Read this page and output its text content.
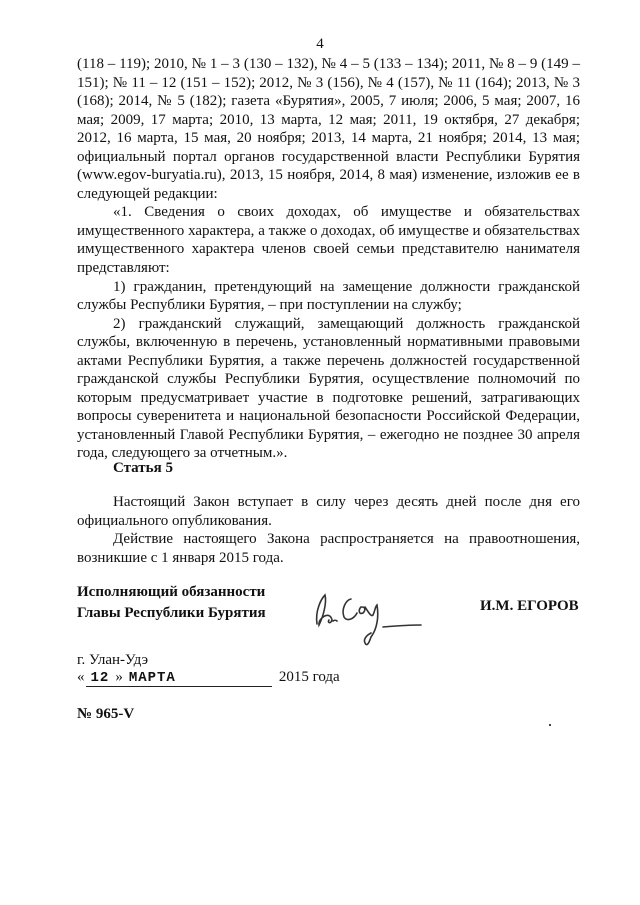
4

(118 – 119); 2010, № 1 – 3 (130 – 132), № 4 – 5 (133 – 134); 2011, № 8 – 9 (149 – 151); № 11 – 12 (151 – 152); 2012, № 3 (156), № 4 (157), № 11 (164); 2013, № 3 (168); 2014, № 5 (182); газета «Бурятия», 2005, 7 июля; 2006, 5 мая; 2007, 16 мая; 2009, 17 марта; 2010, 13 марта, 12 мая; 2011, 19 октября, 27 декабря; 2012, 16 марта, 15 мая, 20 ноября; 2013, 14 марта, 21 ноября; 2014, 13 мая; официальный портал органов государственной власти Республики Бурятия (www.egov-buryatia.ru), 2013, 15 ноября, 2014, 8 мая) изменение, изложив ее в следующей редакции:

«1. Сведения о своих доходах, об имуществе и обязательствах имущественного характера, а также о доходах, об имуществе и обязательствах имущественного характера членов своей семьи представителю нанимателя представляют:

1) гражданин, претендующий на замещение должности гражданской службы Республики Бурятия, – при поступлении на службу;

2) гражданский служащий, замещающий должность гражданской службы, включенную в перечень, установленный нормативными правовыми актами Республики Бурятия, а также перечень должностей государственной гражданской службы Республики Бурятия, осуществление полномочий по которым предусматривает участие в подготовке решений, затрагивающих вопросы суверенитета и национальной безопасности Российской Федерации, установленный Главой Республики Бурятия, – ежегодно не позднее 30 апреля года, следующего за отчетным.».

Статья 5

Настоящий Закон вступает в силу через десять дней после дня его официального опубликования.

Действие настоящего Закона распространяется на правоотношения, возникшие с 1 января 2015 года.

Исполняющий обязанности
Главы Республики Бурятия	И.М. ЕГОРОВ
г. Улан-Удэ
« 12 » МАРТА	2015 года
№ 965-V
